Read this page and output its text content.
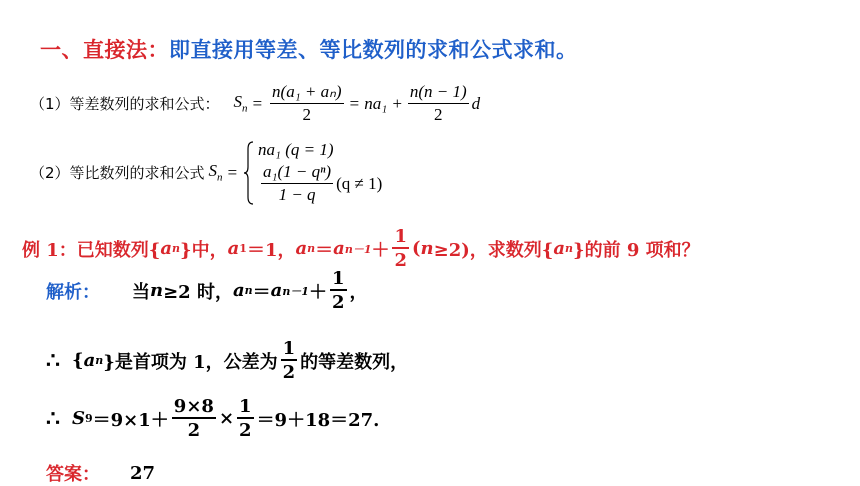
一、直接法：即直接用等差、等比数列的求和公式求和。
（1）等差数列的求和公式： $S_n = \frac{\text{n(a₁ + aₙ)}}{2} = na_1 + \frac{n(n - 1)}{2}$ d
（2）等比数列的求和公式 $S_n$ =
na₁ (q = 1)
$\frac{\text{a₁(1 − qⁿ)}}{1 - q} (q \ne 1)$
例 1： 已知数列{ a n }中， a 1 ＝1， a n ＝ a $n-1 + \frac{1}{2}$ ( n ≥2)，求数列{ a n }的前 9 项和？
解析： 当 n ≥2 时， a n ＝ a $n-1 + \frac{1}{2}$ ，
∴ { a n }是首项为 1，公差为 $\frac{1}{2}$ 的等差数列，
∴ S $9 =9\times 1+ \frac{9\times 8}{2} \times \frac{1}{2} =9+18=27$.
答案： 27
